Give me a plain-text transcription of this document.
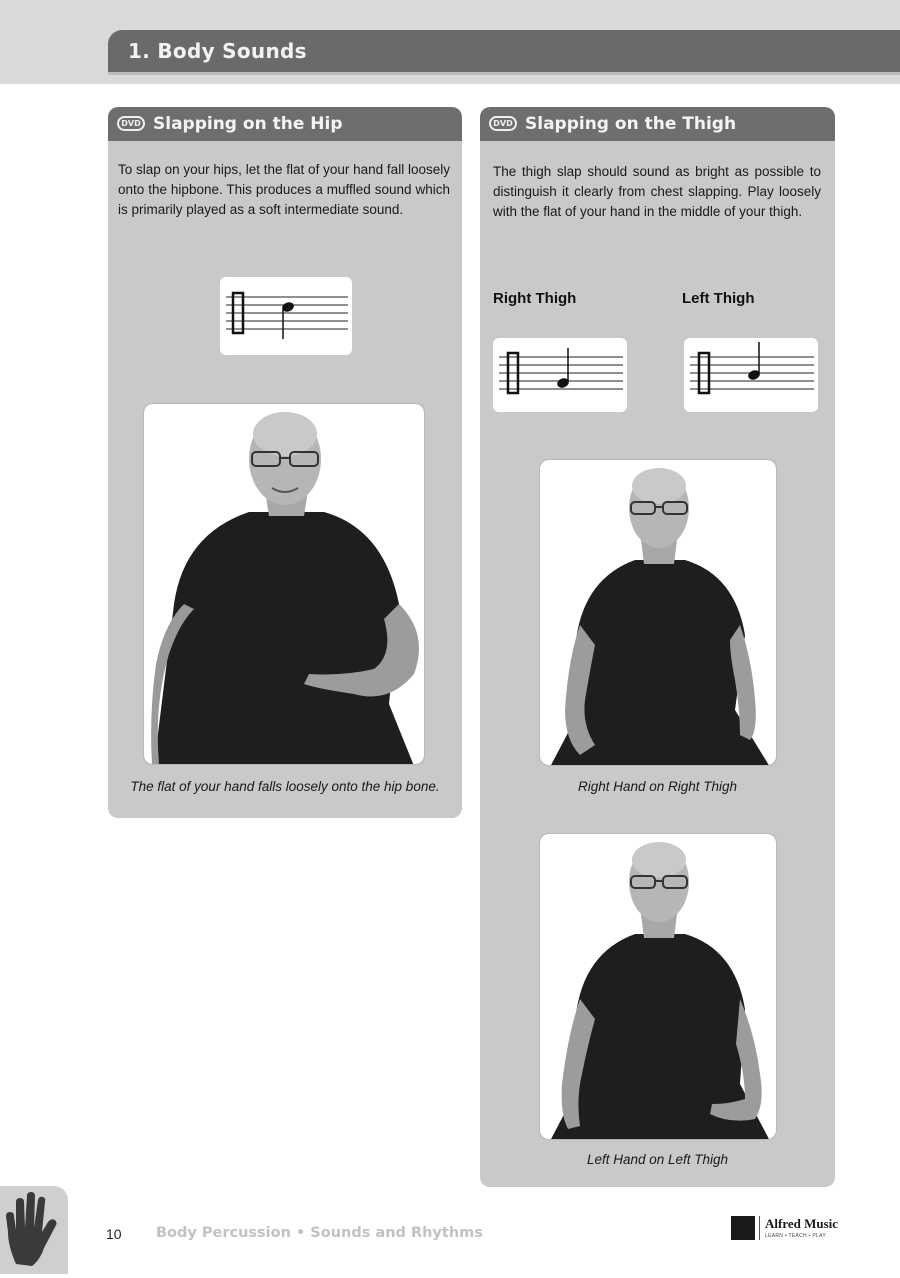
1. Body Sounds
DVD Slapping on the Hip
To slap on your hips, let the flat of your hand fall loosely onto the hipbone. This produces a muffled sound which is primarily played as a soft intermediate sound.
The flat of your hand falls loosely onto the hip bone.
DVD Slapping on the Thigh
The thigh slap should sound as bright as possible to distinguish it clearly from chest slapping. Play loosely with the flat of your hand in the middle of your thigh.
Right Thigh	Left Thigh
Right Hand on Right Thigh
Left Hand on Left Thigh
10 Body Percussion • Sounds and Rhythms
Alfred Music
LEARN • TEACH • PLAY
